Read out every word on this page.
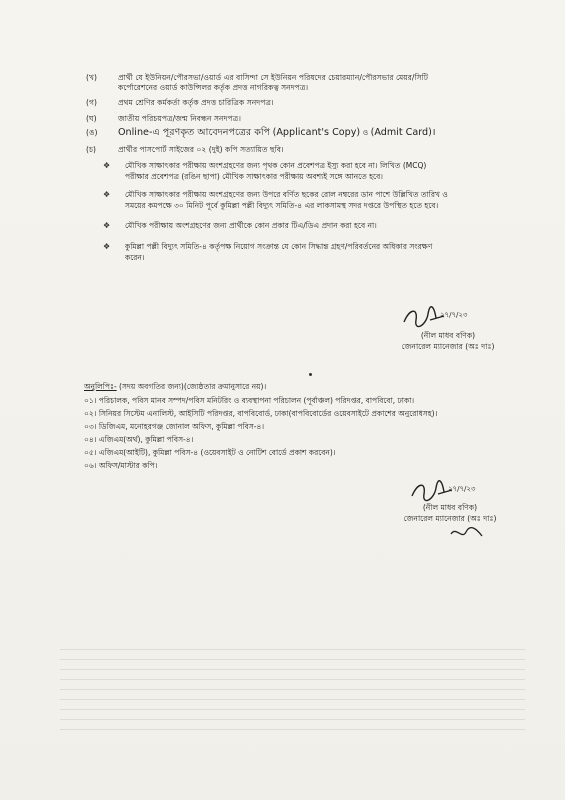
(খ)	প্রার্থী যে ইউনিয়ন/পৌরসভা/ওয়ার্ড এর বাসিন্দা সে ইউনিয়ন পরিষদের চেয়ারম্যান/পৌরসভার মেয়র/সিটি
কর্পোরেশনের ওয়ার্ড কাউন্সিলর কর্তৃক প্রদত্ত নাগরিকত্ব সনদপত্র।
(গ)	প্রথম শ্রেণির কর্মকর্তা কর্তৃক প্রদত্ত চারিত্রিক সনদপত্র।
(ঘ)	জাতীয় পরিচয়পত্র/জন্ম নিবন্ধন সনদপত্র।
(ঙ)	Online-এ পূরণকৃত আবেদনপত্রের কপি (Applicant's Copy) ও (Admit Card)।
(চ)	প্রার্থীর পাসপোর্ট সাইজের ০২ (দুই) কপি সত্যায়িত ছবি।
❖ মৌখিক সাক্ষাৎকার পরীক্ষায় অংশগ্রহণের জন্য পৃথক কোন প্রবেশপত্র ইস্যু করা হবে না। লিখিত (MCQ)
পরীক্ষার প্রবেশপত্র (রঙিন ছাপা) মৌখিক সাক্ষাৎকার পরীক্ষায় অবশ্যই সঙ্গে আনতে হবে।
❖ মৌখিক সাক্ষাৎকার পরীক্ষায় অংশগ্রহণের জন্য উপরে বর্ণিত ছকের রোল নম্বরের ডান পাশে উল্লিখিত তারিখ ও
সময়ের কমপক্ষে ৩০ মিনিট পূর্বে কুমিল্লা পল্লী বিদ্যুৎ সমিতি-৪ এর লাকসামস্থ সদর দপ্তরে উপস্থিত হতে হবে।
❖ মৌখিক পরীক্ষায় অংশগ্রহণের জন্য প্রার্থীকে কোন প্রকার টিএ/ডিএ প্রদান করা হবে না।
❖ কুমিল্লা পল্লী বিদ্যুৎ সমিতি-৪ কর্তৃপক্ষ নিয়োগ সংক্রান্ত যে কোন সিদ্ধান্ত গ্রহণ/পরিবর্তনের অধিকার সংরক্ষণ
করেন।
২৭/৭/২৩
(নীল মাধব বণিক)
জেনারেল ম্যানেজার (অঃ দাঃ)
অনুলিপিঃ- (সদয় অবগতির জন্য)(জ্যেষ্ঠতার ক্রমানুসারে নয়)।
০১। পরিচালক, পবিস মানব সম্পদ/পবিস মনিটরিং ও ব্যবস্থাপনা পরিচালন (পূর্বাঞ্চল) পরিদপ্তর, বাপবিবো, ঢাকা।
০২। সিনিয়র সিস্টেম এনালিস্ট, আইসিটি পরিদপ্তর, বাপবিবোর্ড, ঢাকা(বাপবিবোর্ডের ওয়েবসাইটে প্রকাশের অনুরোধসহ)।
০৩। ডিজিএম, মনোহরগঞ্জ জোনাল অফিস, কুমিল্লা পবিস-৪।
০৪। এজিএম(অর্থ), কুমিল্লা পবিস-৪।
০৫। এজিএম(আইটি), কুমিল্লা পবিস-৪ (ওয়েবসাইট ও নোটিশ বোর্ডে প্রকাশ করবেন)।
০৬। অফিস/মাস্টার কপি।
২৭/৭/২৩
(নীল মাধব বণিক)
জেনারেল ম্যানেজার (অঃ দাঃ)
